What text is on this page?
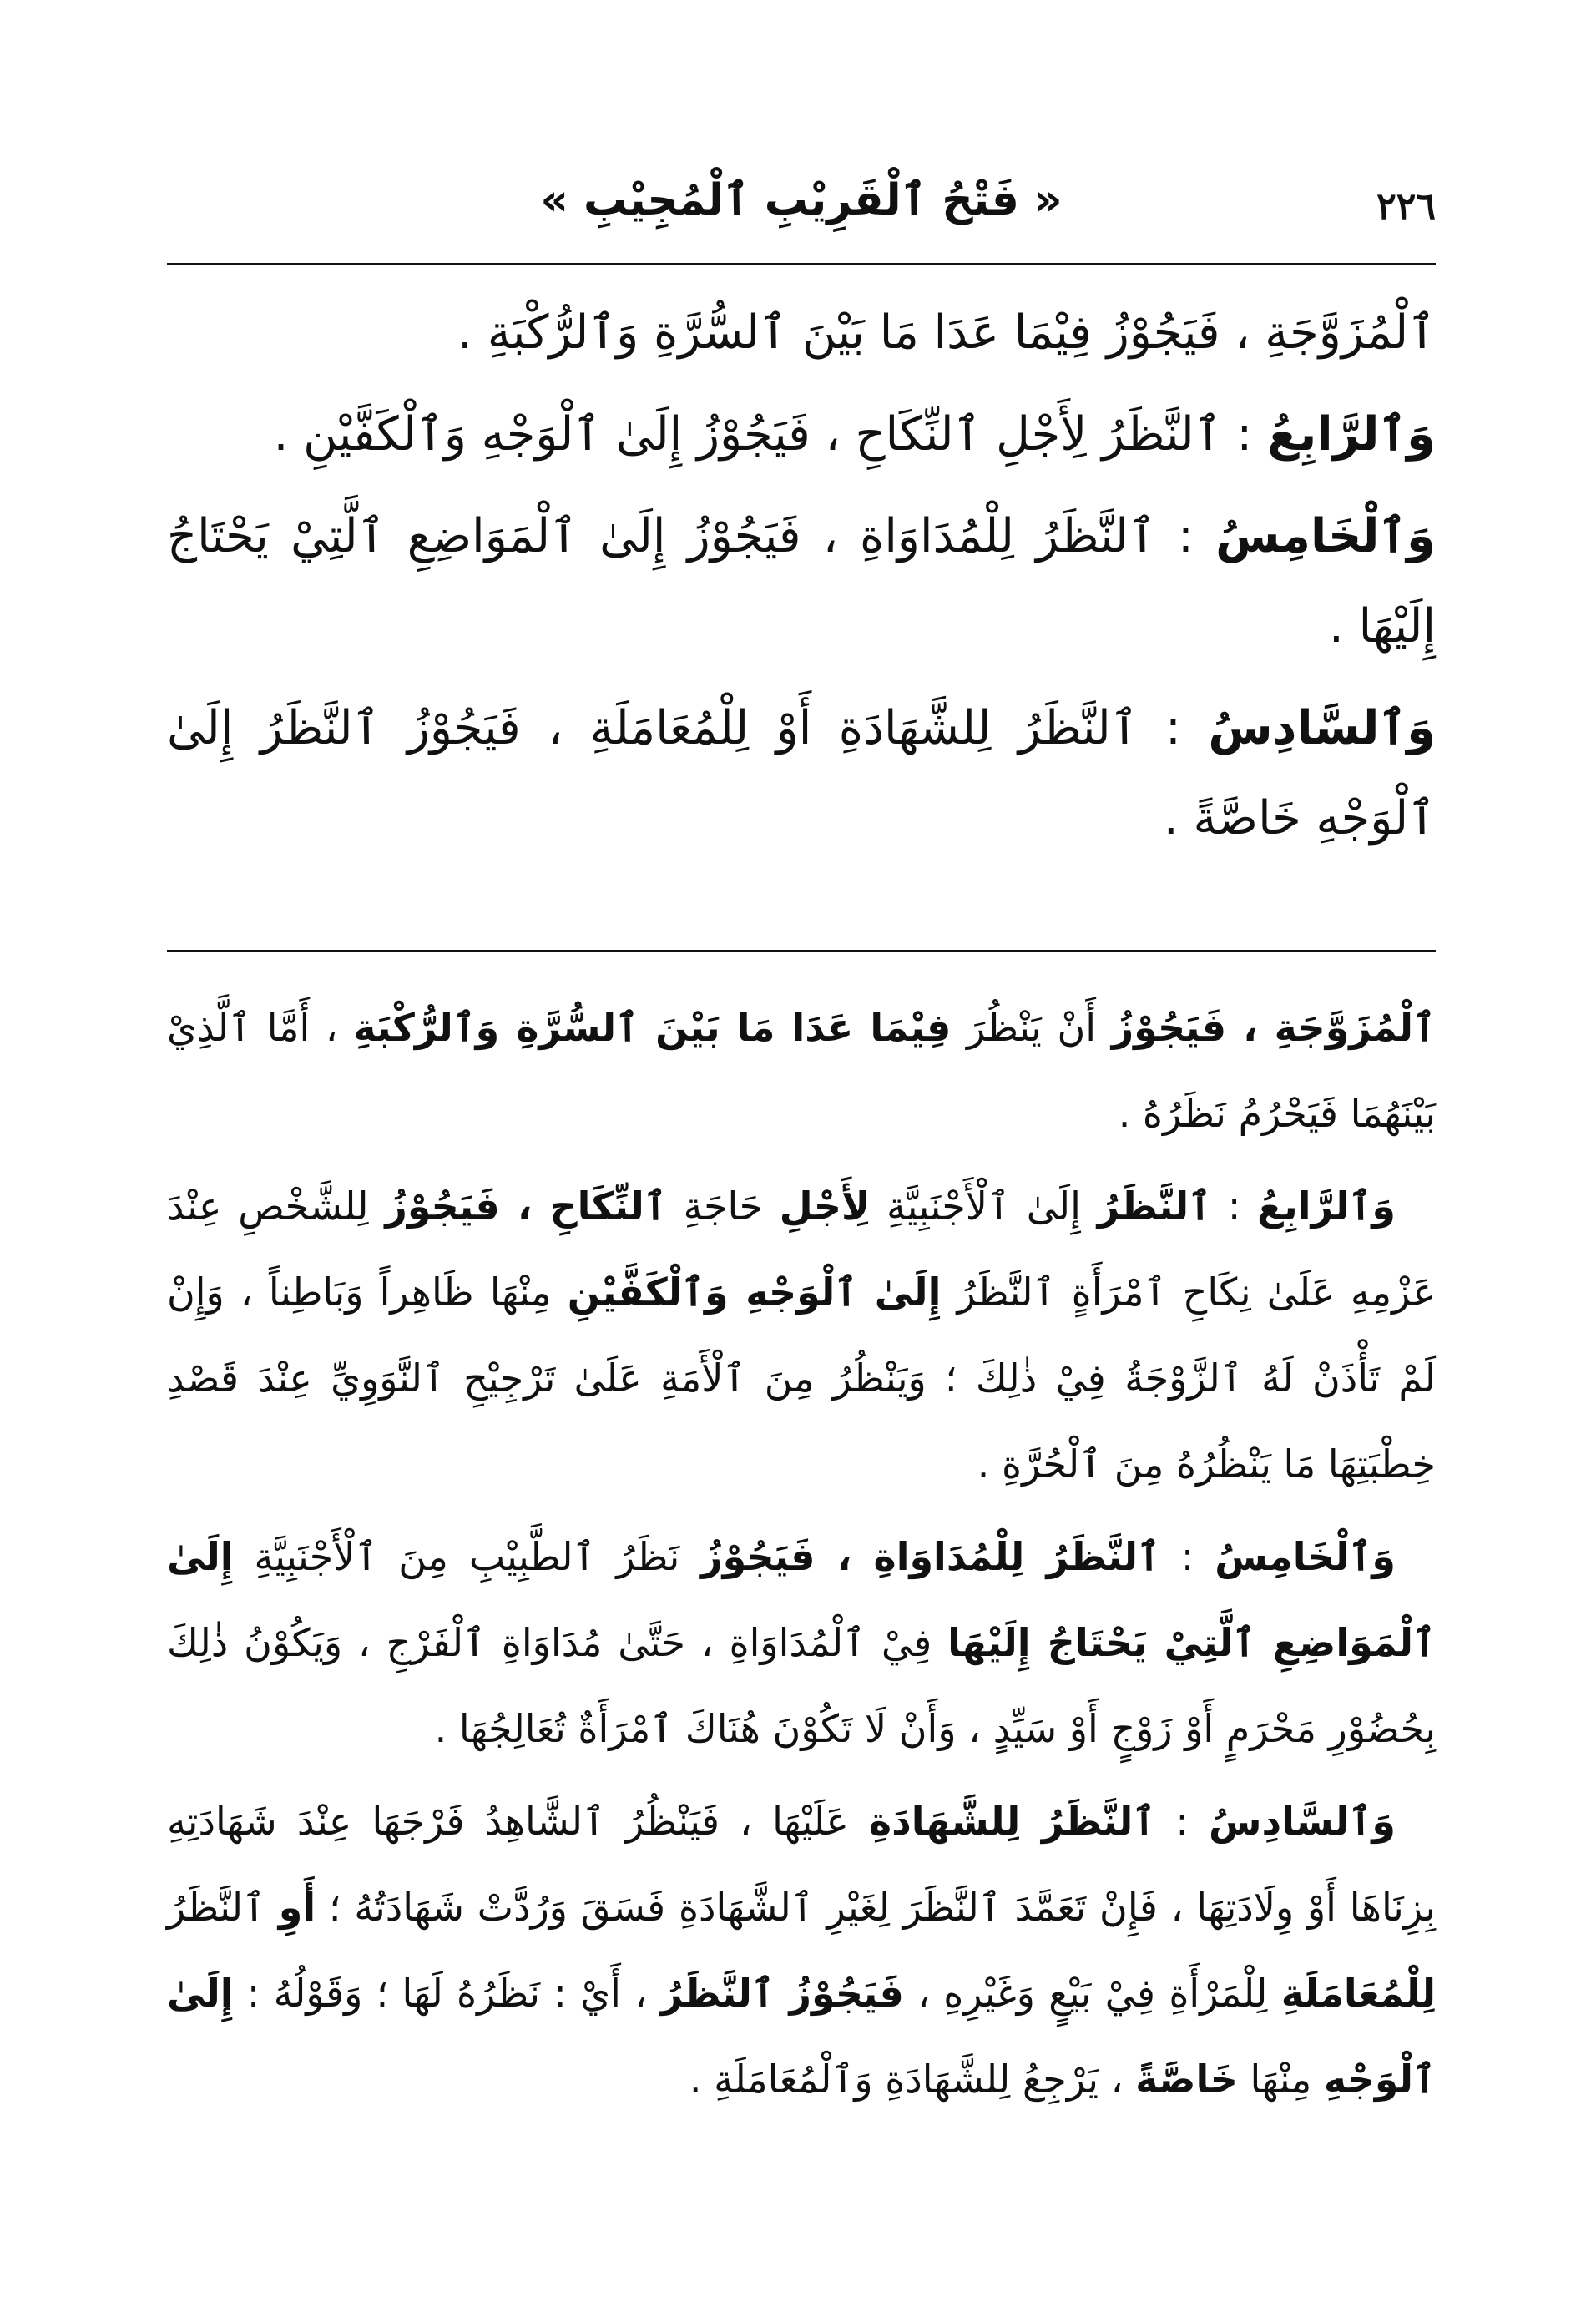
٢٢٦
« فَتْحُ ٱلْقَرِيْبِ ٱلْمُجِيْبِ »

ٱلْمُزَوَّجَةِ ، فَيَجُوْزُ فِيْمَا عَدَا مَا بَيْنَ ٱلسُّرَّةِ وَٱلرُّكْبَةِ .

وَٱلرَّابِعُ : ٱلنَّظَرُ لِأَجْلِ ٱلنِّكَاحِ ، فَيَجُوْزُ إِلَىٰ ٱلْوَجْهِ وَٱلْكَفَّيْنِ .

وَٱلْخَامِسُ : ٱلنَّظَرُ لِلْمُدَاوَاةِ ، فَيَجُوْزُ إِلَىٰ ٱلْمَوَاضِعِ ٱلَّتِيْ يَحْتَاجُ إِلَيْهَا .

وَٱلسَّادِسُ : ٱلنَّظَرُ لِلشَّهَادَةِ أَوْ لِلْمُعَامَلَةِ ، فَيَجُوْزُ ٱلنَّظَرُ إِلَىٰ ٱلْوَجْهِ خَاصَّةً .

ٱلْمُزَوَّجَةِ ، فَيَجُوْزُ أَنْ يَنْظُرَ فِيْمَا عَدَا مَا بَيْنَ ٱلسُّرَّةِ وَٱلرُّكْبَةِ ، أَمَّا ٱلَّذِيْ بَيْنَهُمَا فَيَحْرُمُ نَظَرُهُ .

وَٱلرَّابِعُ : ٱلنَّظَرُ إِلَىٰ ٱلْأَجْنَبِيَّةِ لِأَجْلِ حَاجَةِ ٱلنِّكَاحِ ، فَيَجُوْزُ لِلشَّخْصِ عِنْدَ عَزْمِهِ عَلَىٰ نِكَاحِ ٱمْرَأَةٍ ٱلنَّظَرُ إِلَىٰ ٱلْوَجْهِ وَٱلْكَفَّيْنِ مِنْهَا ظَاهِراً وَبَاطِناً ، وَإِنْ لَمْ تَأْذَنْ لَهُ ٱلزَّوْجَةُ فِيْ ذٰلِكَ ؛ وَيَنْظُرُ مِنَ ٱلْأَمَةِ عَلَىٰ تَرْجِيْحِ ٱلنَّوَوِيِّ عِنْدَ قَصْدِ خِطْبَتِهَا مَا يَنْظُرُهُ مِنَ ٱلْحُرَّةِ .

وَٱلْخَامِسُ : ٱلنَّظَرُ لِلْمُدَاوَاةِ ، فَيَجُوْزُ نَظَرُ ٱلطَّبِيْبِ مِنَ ٱلْأَجْنَبِيَّةِ إِلَىٰ ٱلْمَوَاضِعِ ٱلَّتِيْ يَحْتَاجُ إِلَيْهَا فِيْ ٱلْمُدَاوَاةِ ، حَتَّىٰ مُدَاوَاةِ ٱلْفَرْجِ ، وَيَكُوْنُ ذٰلِكَ بِحُضُوْرِ مَحْرَمٍ أَوْ زَوْجٍ أَوْ سَيِّدٍ ، وَأَنْ لَا تَكُوْنَ هُنَاكَ ٱمْرَأَةٌ تُعَالِجُهَا .

وَٱلسَّادِسُ : ٱلنَّظَرُ لِلشَّهَادَةِ عَلَيْهَا ، فَيَنْظُرُ ٱلشَّاهِدُ فَرْجَهَا عِنْدَ شَهَادَتِهِ بِزِنَاهَا أَوْ وِلَادَتِهَا ، فَإِنْ تَعَمَّدَ ٱلنَّظَرَ لِغَيْرِ ٱلشَّهَادَةِ فَسَقَ وَرُدَّتْ شَهَادَتُهُ ؛ أَوِ ٱلنَّظَرُ لِلْمُعَامَلَةِ لِلْمَرْأَةِ فِيْ بَيْعٍ وَغَيْرِهِ ، فَيَجُوْزُ ٱلنَّظَرُ ، أَيْ : نَظَرُهُ لَهَا ؛ وَقَوْلُهُ : إِلَىٰ ٱلْوَجْهِ مِنْهَا خَاصَّةً ، يَرْجِعُ لِلشَّهَادَةِ وَٱلْمُعَامَلَةِ .
